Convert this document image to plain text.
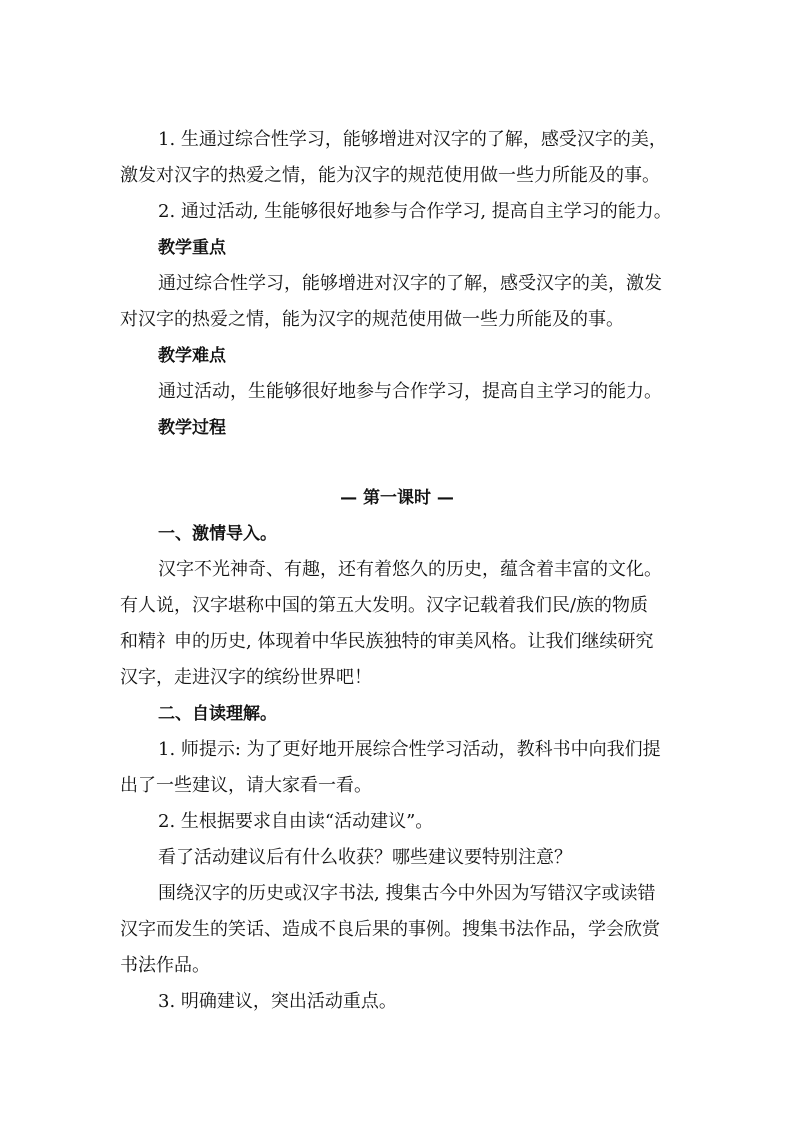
1. 生通过综合性学习，能够增进对汉字的了解，感受汉字的美，
激发对汉字的热爱之情，能为汉字的规范使用做一些力所能及的事。
2. 通过活动, 生能够很好地参与合作学习, 提高自主学习的能力。
教学重点
通过综合性学习，能够增进对汉字的了解，感受汉字的美，激发
对汉字的热爱之情，能为汉字的规范使用做一些力所能及的事。
教学难点
通过活动，生能够很好地参与合作学习，提高自主学习的能力。
教学过程
— 第一课时 —
一、激情导入。
汉字不光神奇、有趣，还有着悠久的历史，蕴含着丰富的文化。
有人说，汉字堪称中国的第五大发明。汉字记载着我们民/族的物质
和精礻申的历史, 体现着中华民族独特的审美风格。让我们继续研究
汉字，走进汉字的缤纷世界吧！
二、自读理解。
1. 师提示: 为了更好地开展综合性学习活动，教科书中向我们提
出了一些建议，请大家看一看。
2. 生根据要求自由读“活动建议”。
看了活动建议后有什么收获？哪些建议要特别注意？
围绕汉字的历史或汉字书法, 搜集古今中外因为写错汉字或读错
汉字而发生的笑话、造成不良后果的事例。搜集书法作品，学会欣赏
书法作品。
3. 明确建议，突出活动重点。
